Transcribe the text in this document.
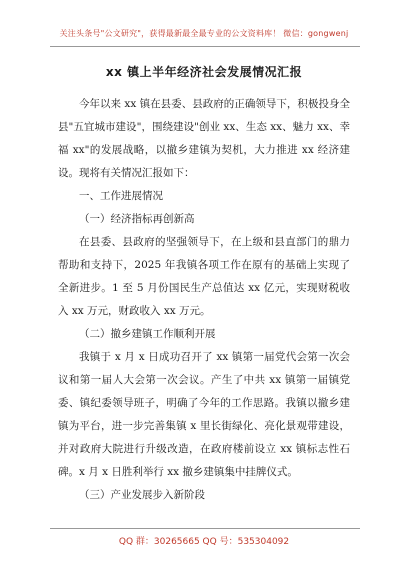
关注头条号"公文研究"，获得最新最全最专业的公文资料库！ 微信：gongwenj
xx 镇上半年经济社会发展情况汇报

今年以来 xx 镇在县委、县政府的正确领导下，积极投身全县"五宜城市建设"，围绕建设"创业 xx、生态 xx、魅力 xx、幸福 xx"的发展战略，以撤乡建镇为契机，大力推进 xx 经济建设。现将有关情况汇报如下：

一、工作进展情况

（一）经济指标再创新高

在县委、县政府的坚强领导下，在上级和县直部门的鼎力帮助和支持下，2025 年我镇各项工作在原有的基础上实现了全新进步。1 至 5 月份国民生产总值达 xx 亿元，实现财税收入 xx 万元，财政收入 xx 万元。

（二）撤乡建镇工作顺利开展

我镇于 x 月 x 日成功召开了 xx 镇第一届党代会第一次会议和第一届人大会第一次会议。产生了中共 xx 镇第一届镇党委、镇纪委领导班子，明确了今年的工作思路。我镇以撤乡建镇为平台，进一步完善集镇 x 里长街绿化、亮化景观带建设，并对政府大院进行升级改造，在政府楼前设立 xx 镇标志性石碑。x 月 x 日胜利举行 xx 撤乡建镇集中挂牌仪式。

（三）产业发展步入新阶段

QQ 群：30265665 QQ 号：535304092
